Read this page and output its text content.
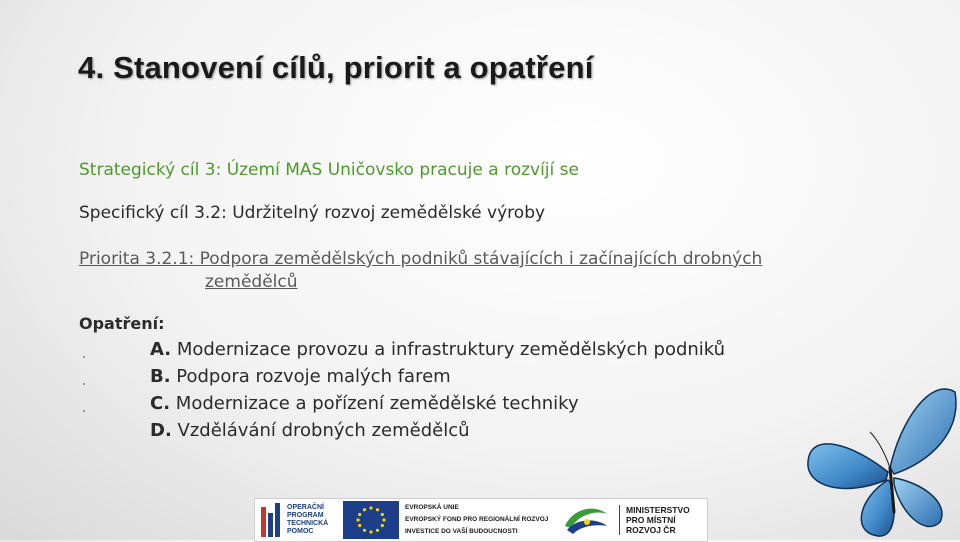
4. Stanovení cílů, priorit a opatření
Strategický cíl 3: Území MAS Uničovsko pracuje a rozvíjí se
Specifický cíl 3.2: Udržitelný rozvoj zemědělské výroby
Priorita 3.2.1: Podpora zemědělských podniků stávajících i začínajících drobných
zemědělců
Opatření:
A. Modernizace provozu a infrastruktury zemědělských podniků
B. Podpora rozvoje malých farem
C. Modernizace a pořízení zemědělské techniky
D. Vzdělávání drobných zemědělců
OPERAČNÍ
PROGRAM
TECHNICKÁ
POMOC
EVROPSKÁ UNIE
EVROPSKÝ FOND PRO REGIONÁLNÍ ROZVOJ
INVESTICE DO VAŠÍ BUDOUCNOSTI
MINISTERSTVO
PRO MÍSTNÍ
ROZVOJ ČR
